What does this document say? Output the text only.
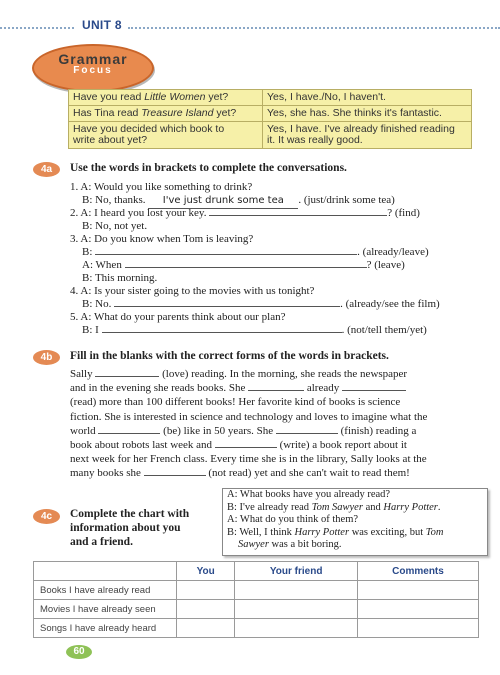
UNIT 8
Grammar
Focus
Have you read Little Women yet?	Yes, I have./No, I haven't.
Has Tina read Treasure Island yet?	Yes, she has. She thinks it's fantastic.
Have you decided which book to
write about yet?	Yes, I have. I've already finished reading
it. It was really good.
4a	Use the words in brackets to complete the conversations.
1. A: Would you like something to drink?
B: No, thanks. I've just drunk some tea . (just/drink some tea)
2. A: I heard you lost your key.	? (find)
B: No, not yet.
3. A: Do you know when Tom is leaving?
B:	. (already/leave)
A: When	? (leave)
B: This morning.
4. A: Is your sister going to the movies with us tonight?
B: No.	. (already/see the film)
5. A: What do your parents think about our plan?
B: I	. (not/tell them/yet)
4b	Fill in the blanks with the correct forms of the words in brackets.
Sally	(love) reading. In the morning, she reads the newspaper
and in the evening she reads books. She	already
(read) more than 100 different books! Her favorite kind of books is science
fiction. She is interested in science and technology and loves to imagine what the
world	(be) like in 50 years. She	(finish) reading a
book about robots last week and	(write) a book report about it
next week for her French class. Every time she is in the library, Sally looks at the
many books she	(not read) yet and she can't wait to read them!
4c	Complete the chart with
information about you
and a friend.
A: What books have you already read?
B: I've already read Tom Sawyer and Harry Potter.
A: What do you think of them?
B: Well, I think Harry Potter was exciting, but Tom
Sawyer was a bit boring.
	You	Your friend	Comments
Books I have already read			
Movies I have already seen			
Songs I have already heard			
60
